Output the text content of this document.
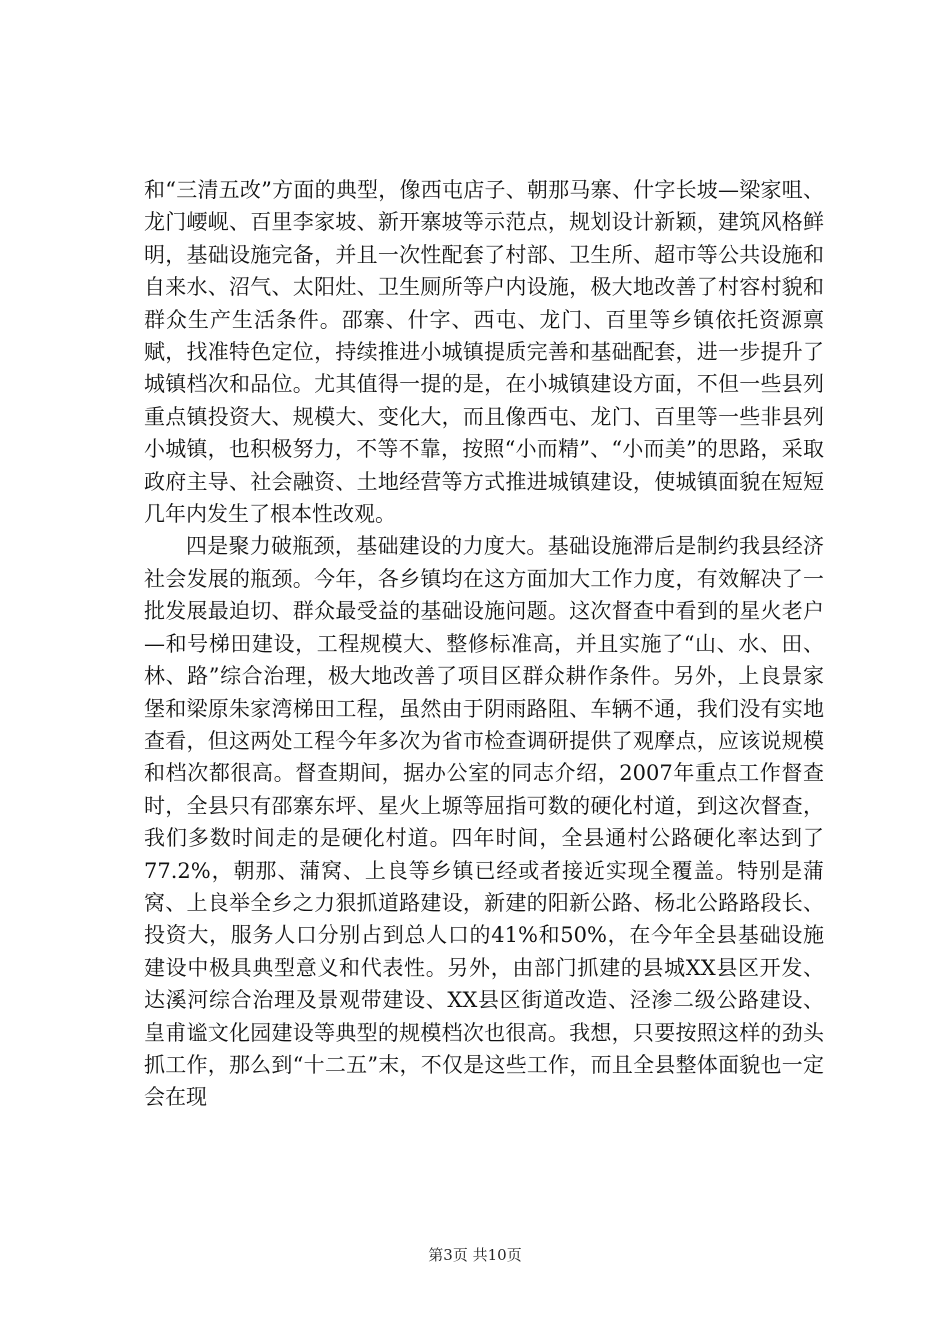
和“三清五改”方面的典型，像西屯店子、朝那马寨、什字长坡—梁家咀、龙门崾岘、百里李家坡、新开寨坡等示范点，规划设计新颖，建筑风格鲜明，基础设施完备，并且一次性配套了村部、卫生所、超市等公共设施和自来水、沼气、太阳灶、卫生厕所等户内设施，极大地改善了村容村貌和群众生产生活条件。邵寨、什字、西屯、龙门、百里等乡镇依托资源禀赋，找准特色定位，持续推进小城镇提质完善和基础配套，进一步提升了城镇档次和品位。尤其值得一提的是，在小城镇建设方面，不但一些县列重点镇投资大、规模大、变化大，而且像西屯、龙门、百里等一些非县列小城镇，也积极努力，不等不靠，按照“小而精”、“小而美”的思路，采取政府主导、社会融资、土地经营等方式推进城镇建设，使城镇面貌在短短几年内发生了根本性改观。

四是聚力破瓶颈，基础建设的力度大。基础设施滞后是制约我县经济社会发展的瓶颈。今年，各乡镇均在这方面加大工作力度，有效解决了一批发展最迫切、群众最受益的基础设施问题。这次督查中看到的星火老户—和号梯田建设，工程规模大、整修标准高，并且实施了“山、水、田、林、路”综合治理，极大地改善了项目区群众耕作条件。另外，上良景家堡和梁原朱家湾梯田工程，虽然由于阴雨路阻、车辆不通，我们没有实地查看，但这两处工程今年多次为省市检查调研提供了观摩点，应该说规模和档次都很高。督查期间，据办公室的同志介绍，2007年重点工作督查时，全县只有邵寨东坪、星火上塬等屈指可数的硬化村道，到这次督查，我们多数时间走的是硬化村道。四年时间，全县通村公路硬化率达到了77.2%，朝那、蒲窝、上良等乡镇已经或者接近实现全覆盖。特别是蒲窝、上良举全乡之力狠抓道路建设，新建的阳新公路、杨北公路路段长、投资大，服务人口分别占到总人口的41%和50%，在今年全县基础设施建设中极具典型意义和代表性。另外，由部门抓建的县城XX县区开发、达溪河综合治理及景观带建设、XX县区街道改造、泾渗二级公路建设、皇甫谧文化园建设等典型的规模档次也很高。我想，只要按照这样的劲头抓工作，那么到“十二五”末，不仅是这些工作，而且全县整体面貌也一定会在现

第3页 共10页
